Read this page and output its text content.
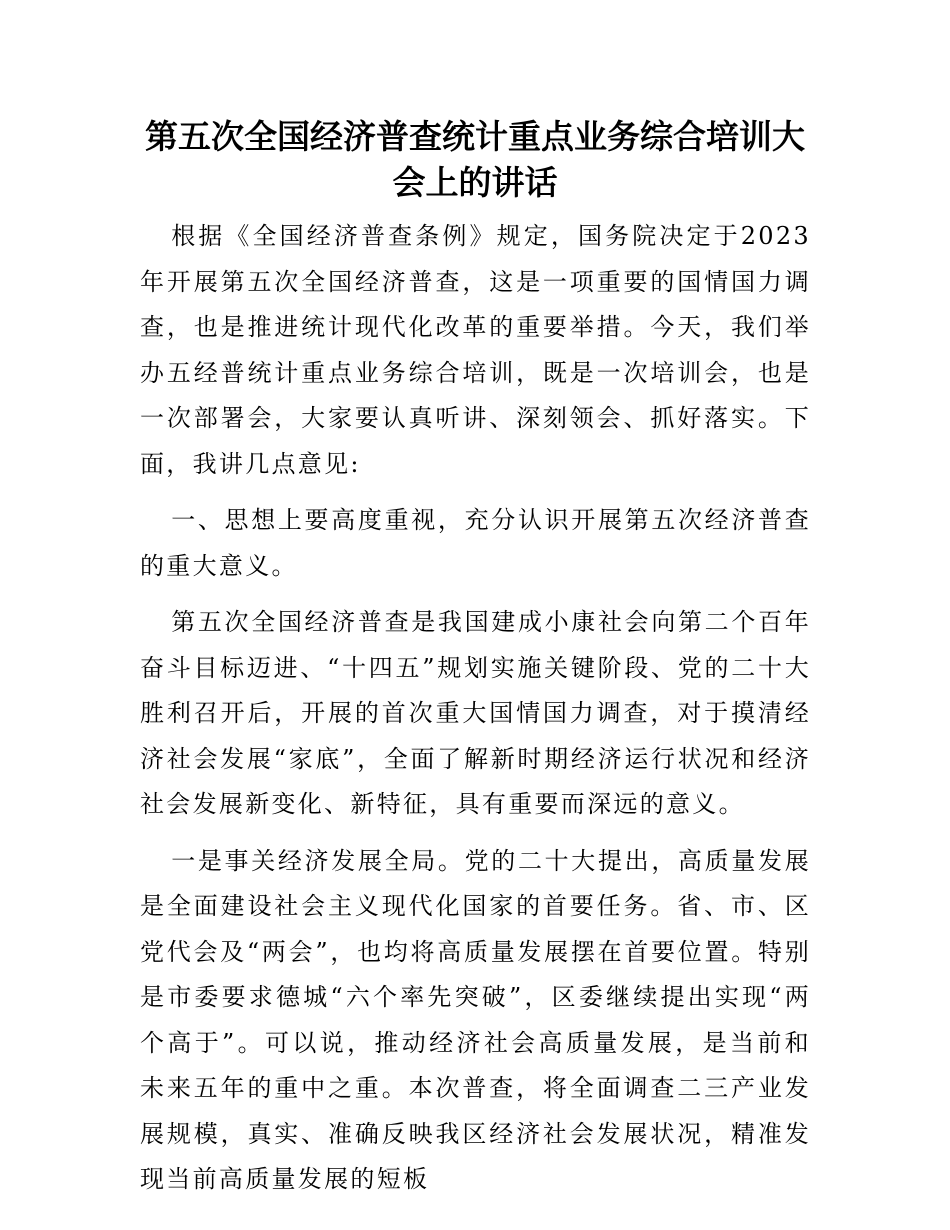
第五次全国经济普查统计重点业务综合培训大会上的讲话

根据《全国经济普查条例》规定，国务院决定于2023年开展第五次全国经济普查，这是一项重要的国情国力调查，也是推进统计现代化改革的重要举措。今天，我们举办五经普统计重点业务综合培训，既是一次培训会，也是一次部署会，大家要认真听讲、深刻领会、抓好落实。下面，我讲几点意见:

一、思想上要高度重视，充分认识开展第五次经济普查的重大意义。

第五次全国经济普查是我国建成小康社会向第二个百年奋斗目标迈进、“十四五”规划实施关键阶段、党的二十大胜利召开后，开展的首次重大国情国力调查，对于摸清经济社会发展“家底”，全面了解新时期经济运行状况和经济社会发展新变化、新特征，具有重要而深远的意义。

一是事关经济发展全局。党的二十大提出，高质量发展是全面建设社会主义现代化国家的首要任务。省、市、区党代会及“两会”，也均将高质量发展摆在首要位置。特别是市委要求德城“六个率先突破”，区委继续提出实现“两个高于”。可以说，推动经济社会高质量发展，是当前和未来五年的重中之重。本次普查，将全面调查二三产业发展规模，真实、准确反映我区经济社会发展状况，精准发现当前高质量发展的短板
